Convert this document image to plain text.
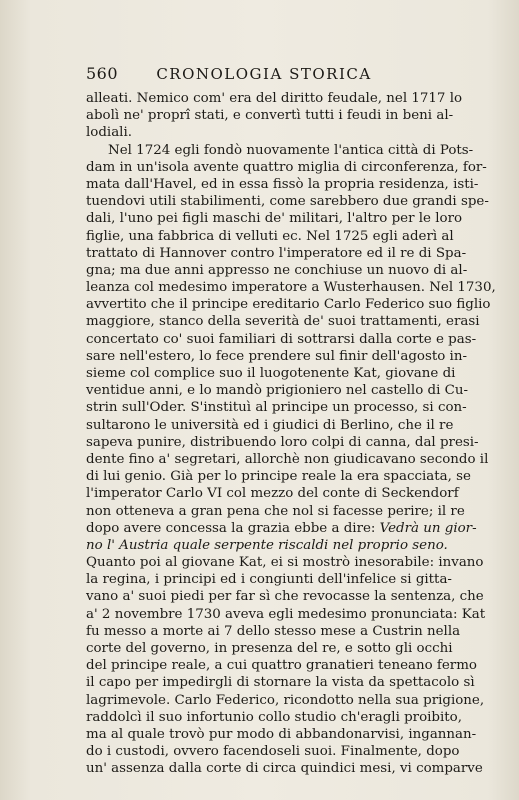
560	CRONOLOGIA STORICA
alleati. Nemico com' era del diritto feudale, nel 1717 lo
abolì ne' proprî stati, e convertì tutti i feudi in beni al-
lodiali.
Nel 1724 egli fondò nuovamente l'antica città di Pots-
dam in un'isola avente quattro miglia di circonferenza, for-
mata dall'Havel, ed in essa fissò la propria residenza, isti-
tuendovi utili stabilimenti, come sarebbero due grandi spe-
dali, l'uno pei figli maschi de' militari, l'altro per le loro
figlie, una fabbrica di velluti ec. Nel 1725 egli aderì al
trattato di Hannover contro l'imperatore ed il re di Spa-
gna; ma due anni appresso ne conchiuse un nuovo di al-
leanza col medesimo imperatore a Wusterhausen. Nel 1730,
avvertito che il principe ereditario Carlo Federico suo figlio
maggiore, stanco della severità de' suoi trattamenti, erasi
concertato co' suoi familiari di sottrarsi dalla corte e pas-
sare nell'estero, lo fece prendere sul finir dell'agosto in-
sieme col complice suo il luogotenente Kat, giovane di
ventidue anni, e lo mandò prigioniero nel castello di Cu-
strin sull'Oder. S'instituì al principe un processo, si con-
sultarono le università ed i giudici di Berlino, che il re
sapeva punire, distribuendo loro colpi di canna, dal presi-
dente fino a' segretari, allorchè non giudicavano secondo il
di lui genio. Già per lo principe reale la era spacciata, se
l'imperator Carlo VI col mezzo del conte di Seckendorf
non otteneva a gran pena che nol si facesse perire; il re
dopo avere concessa la grazia ebbe a dire: Vedrà un gior-
no l' Austria quale serpente riscaldi nel proprio seno.
Quanto poi al giovane Kat, ei si mostrò inesorabile: invano
la regina, i principi ed i congiunti dell'infelice si gitta-
vano a' suoi piedi per far sì che revocasse la sentenza, che
a' 2 novembre 1730 aveva egli medesimo pronunciata: Kat
fu messo a morte ai 7 dello stesso mese a Custrin nella
corte del governo, in presenza del re, e sotto gli occhi
del principe reale, a cui quattro granatieri teneano fermo
il capo per impedirgli di stornare la vista da spettacolo sì
lagrimevole. Carlo Federico, ricondotto nella sua prigione,
raddolcì il suo infortunio collo studio ch'eragli proibito,
ma al quale trovò pur modo di abbandonarvisi, ingannan-
do i custodi, ovvero facendoseli suoi. Finalmente, dopo
un' assenza dalla corte di circa quindici mesi, vi comparve
